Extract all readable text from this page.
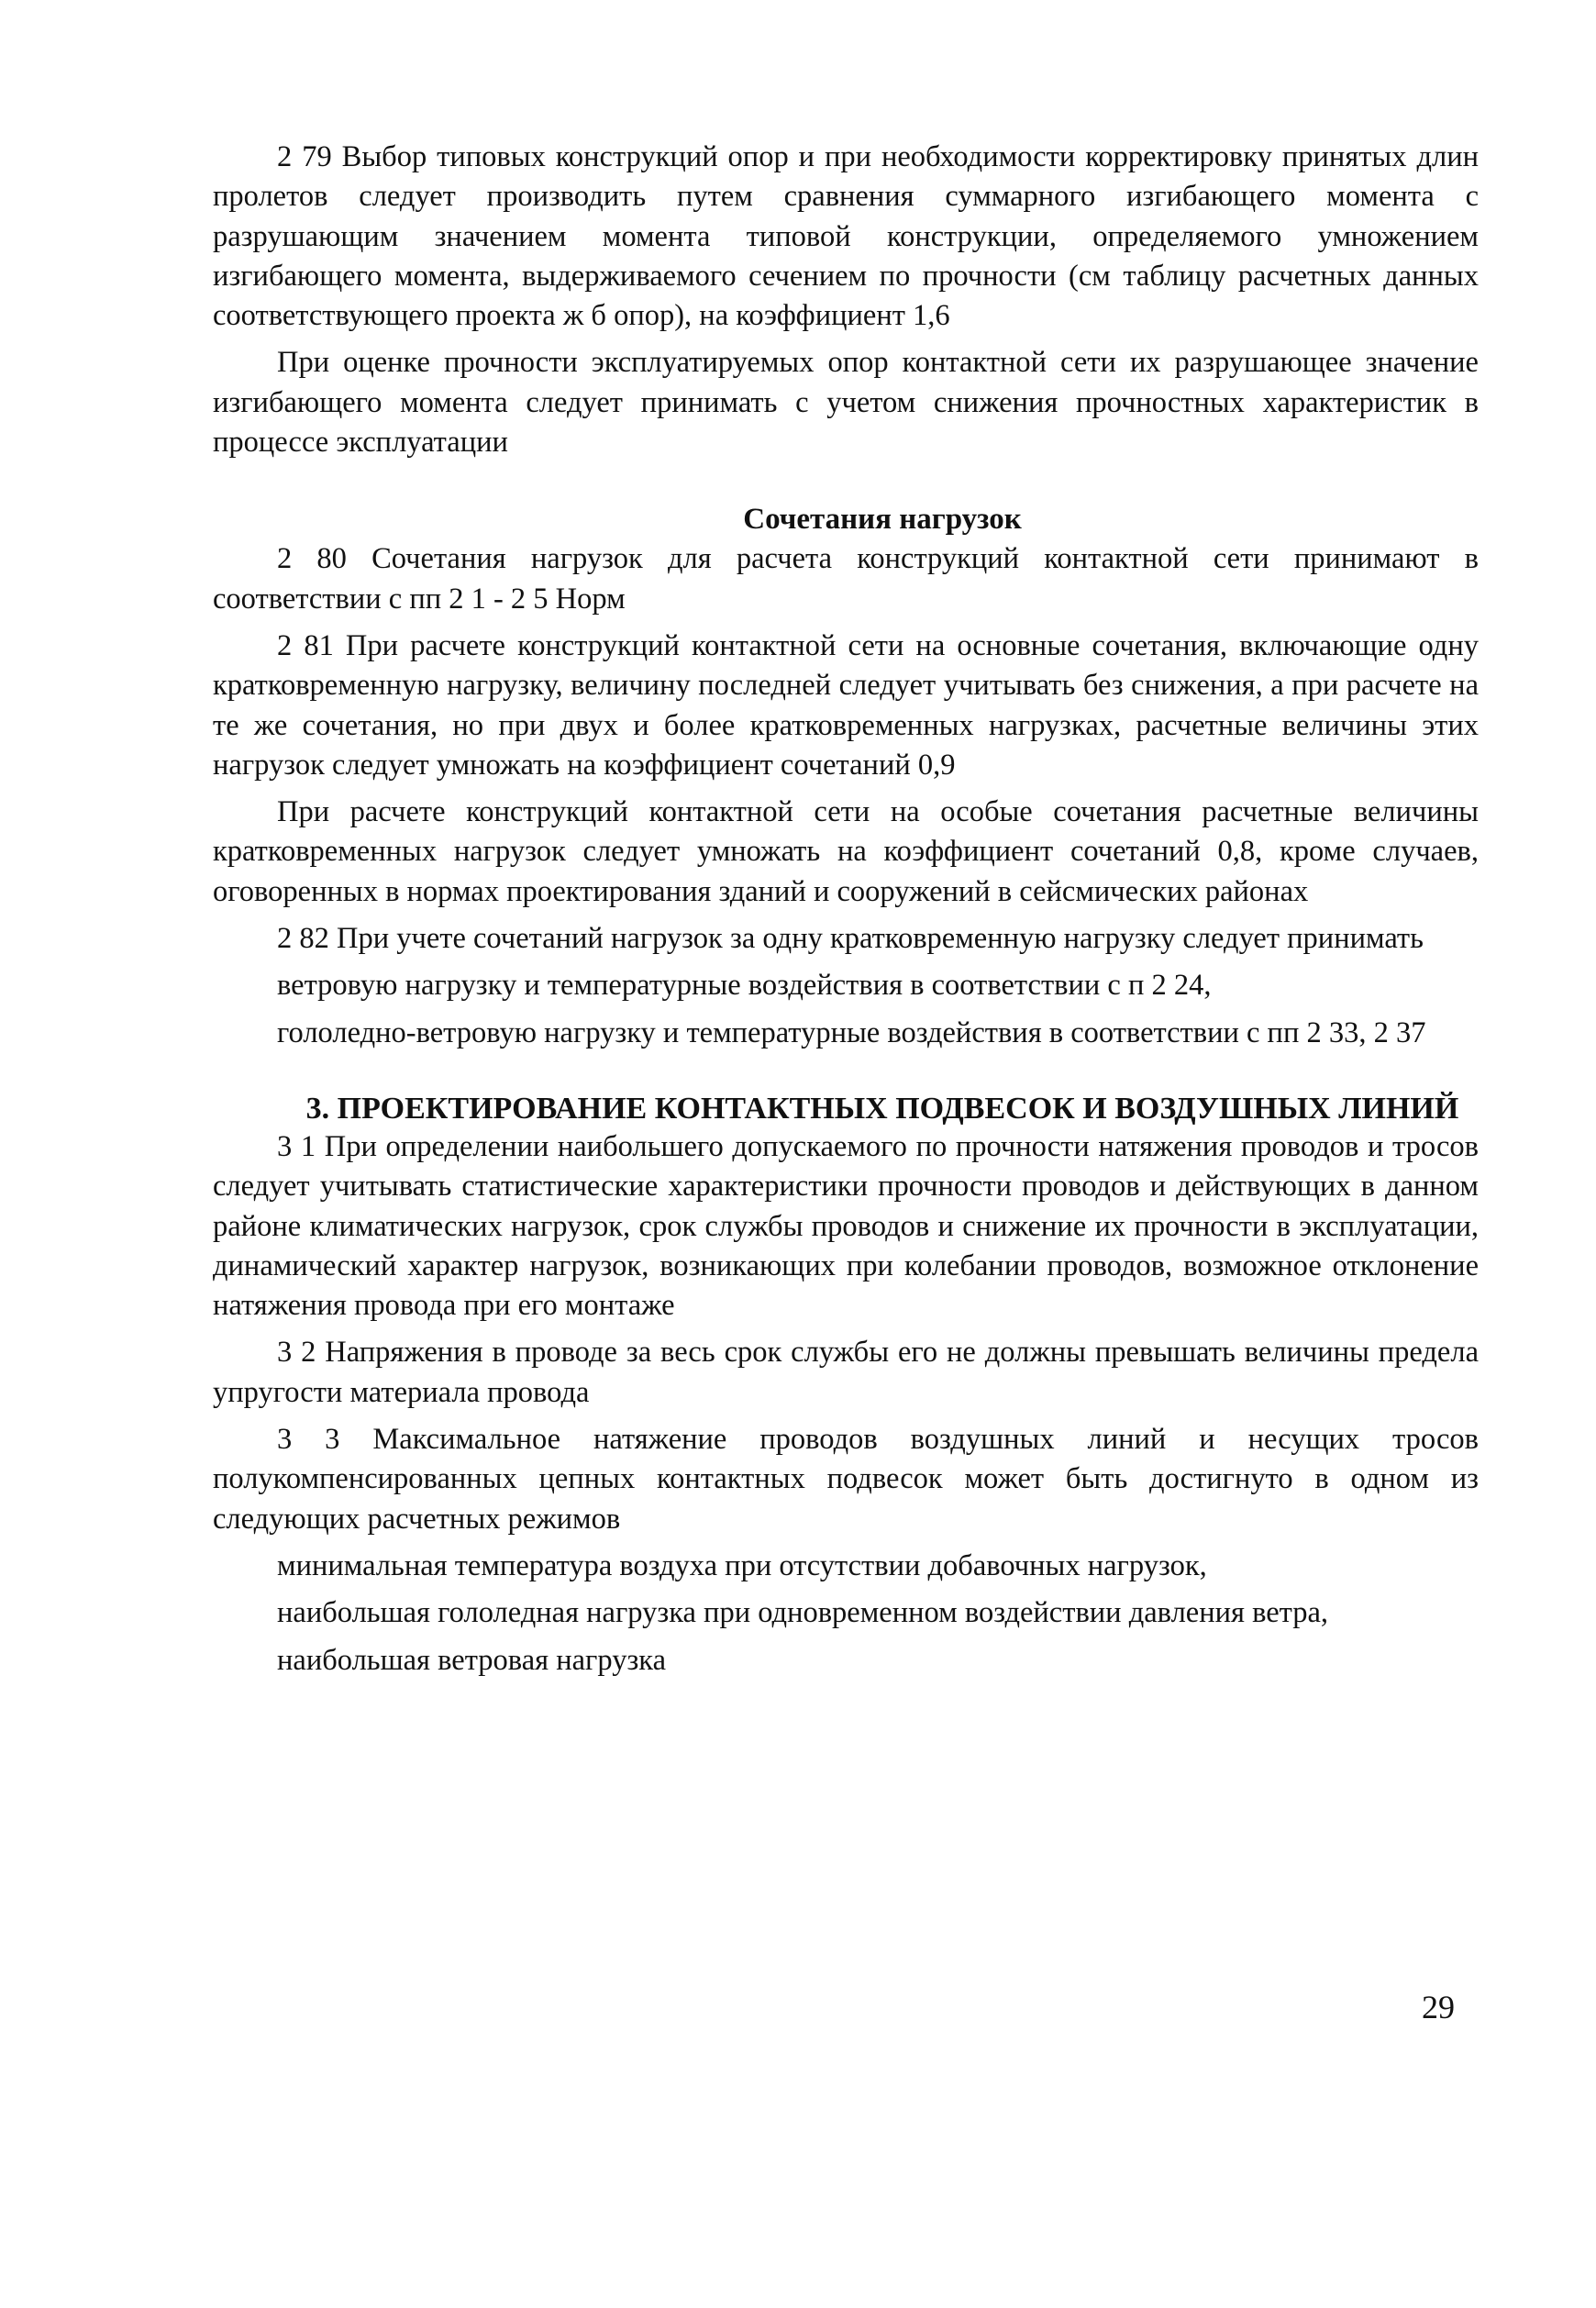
2 79 Выбор типовых конструкций опор и при необходимости корректировку принятых длин пролетов следует производить путем сравнения суммарного изгибающего момента с разрушающим значением момента типовой конструкции, определяемого умножением изгибающего момента, выдерживаемого сечением по прочности (см таблицу расчетных данных соответствующего проекта ж б опор), на коэффициент 1,6

При оценке прочности эксплуатируемых опор контактной сети их разрушающее значение изгибающего момента следует принимать с учетом снижения прочностных характеристик в процессе эксплуатации

Сочетания нагрузок

2 80 Сочетания нагрузок для расчета конструкций контактной сети принимают в соответствии с пп 2 1 - 2 5 Норм

2 81 При расчете конструкций контактной сети на основные сочетания, включающие одну кратковременную нагрузку, величину последней следует учитывать без снижения, а при расчете на те же сочетания, но при двух и более кратковременных нагрузках, расчетные величины этих нагрузок следует умножать на коэффициент сочетаний 0,9

При расчете конструкций контактной сети на особые сочетания расчетные величины кратковременных нагрузок следует умножать на коэффициент сочетаний 0,8, кроме случаев, оговоренных в нормах проектирования зданий и сооружений в сейсмических районах

2 82 При учете сочетаний нагрузок за одну кратковременную нагрузку следует принимать

ветровую нагрузку и температурные воздействия в соответствии с п 2 24,

гололедно-ветровую нагрузку и температурные воздействия в соответствии с пп 2 33, 2 37

3. ПРОЕКТИРОВАНИЕ КОНТАКТНЫХ ПОДВЕСОК И ВОЗДУШНЫХ ЛИНИЙ

3 1 При определении наибольшего допускаемого по прочности натяжения проводов и тросов следует учитывать статистические характеристики прочности проводов и действующих в данном районе климатических нагрузок, срок службы проводов и снижение их прочности в эксплуатации, динамический характер нагрузок, возникающих при колебании проводов, возможное отклонение натяжения провода при его монтаже

3 2 Напряжения в проводе за весь срок службы его не должны превышать величины предела упругости материала провода

3 3 Максимальное натяжение проводов воздушных линий и несущих тросов полукомпенсированных цепных контактных подвесок может быть достигнуто в одном из следующих расчетных режимов

минимальная температура воздуха при отсутствии добавочных нагрузок,

наибольшая гололедная нагрузка при одновременном воздействии давления ветра,

наибольшая ветровая нагрузка

29
